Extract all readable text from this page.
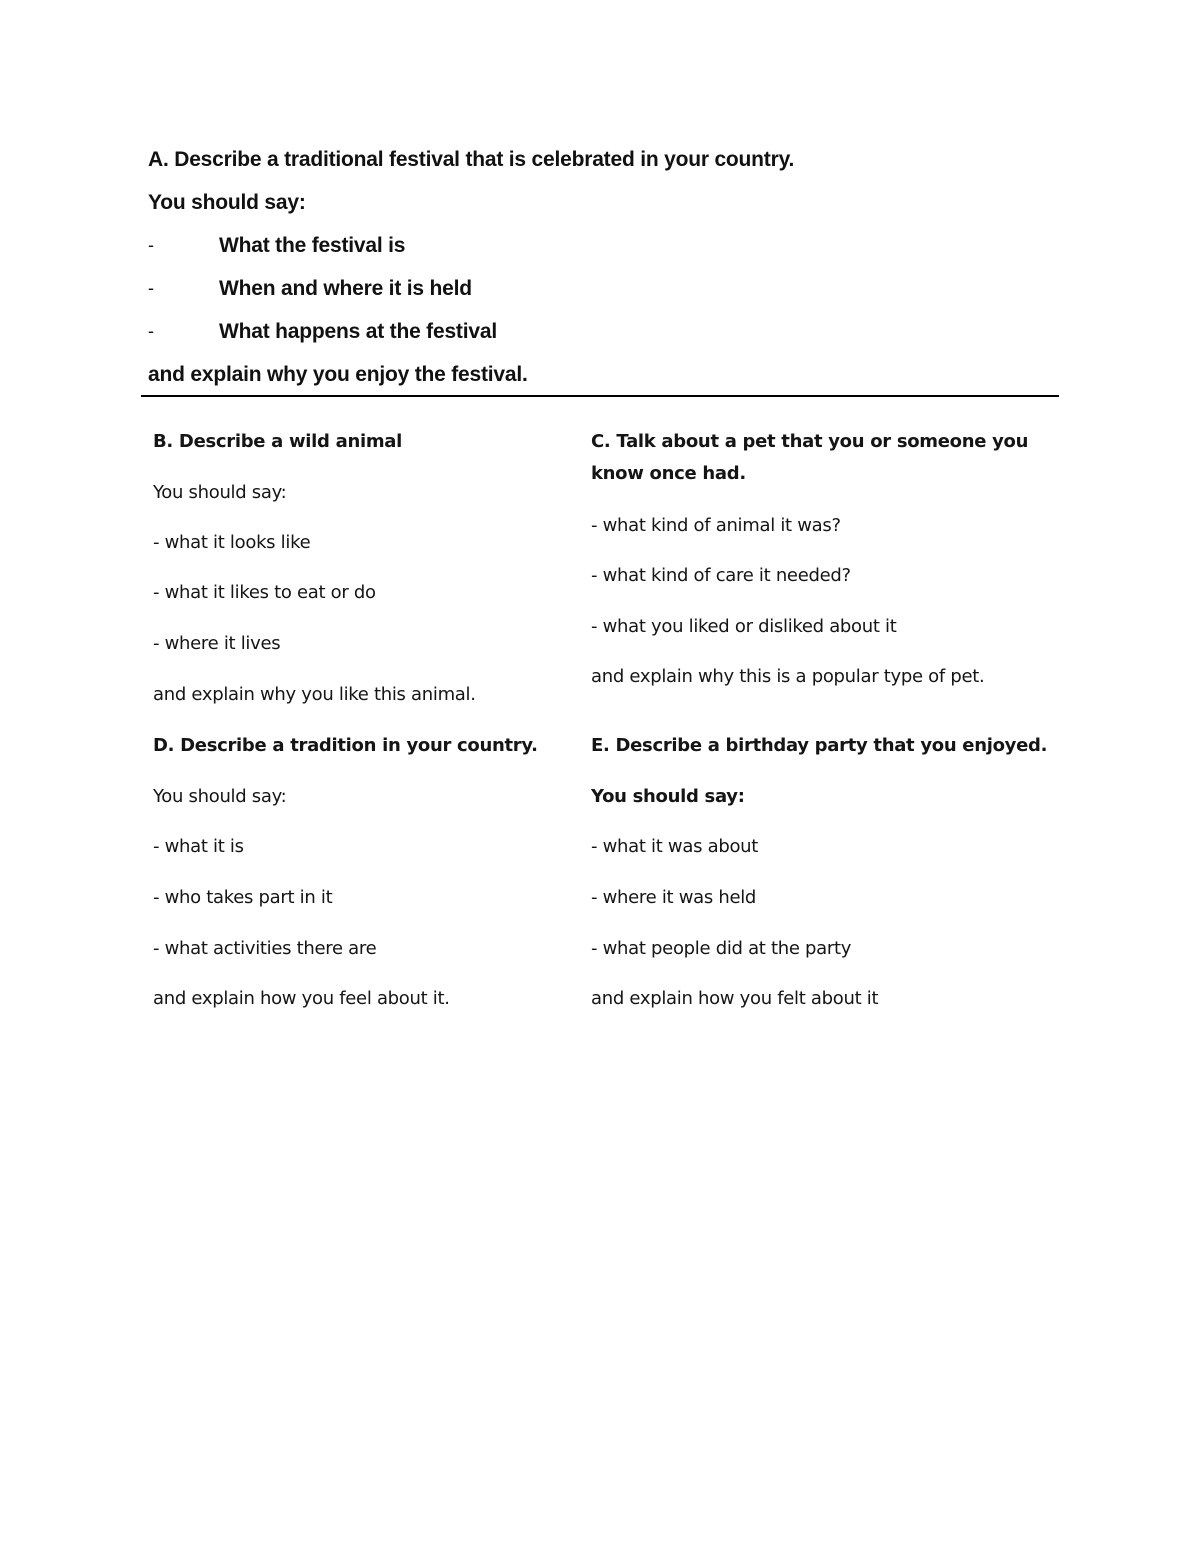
A. Describe a traditional festival that is celebrated in your country.
You should say:
-	What the festival is
-	When and where it is held
-	What happens at the festival
and explain why you enjoy the festival.
B. Describe a wild animal
You should say:
- what it looks like
- what it likes to eat or do
- where it lives
and explain why you like this animal.
C. Talk about a pet that you or someone you
know once had.
- what kind of animal it was?
- what kind of care it needed?
- what you liked or disliked about it
and explain why this is a popular type of pet.
D. Describe a tradition in your country.
You should say:
- what it is
- who takes part in it
- what activities there are
and explain how you feel about it.
E. Describe a birthday party that you enjoyed.
You should say:
- what it was about
- where it was held
- what people did at the party
and explain how you felt about it
